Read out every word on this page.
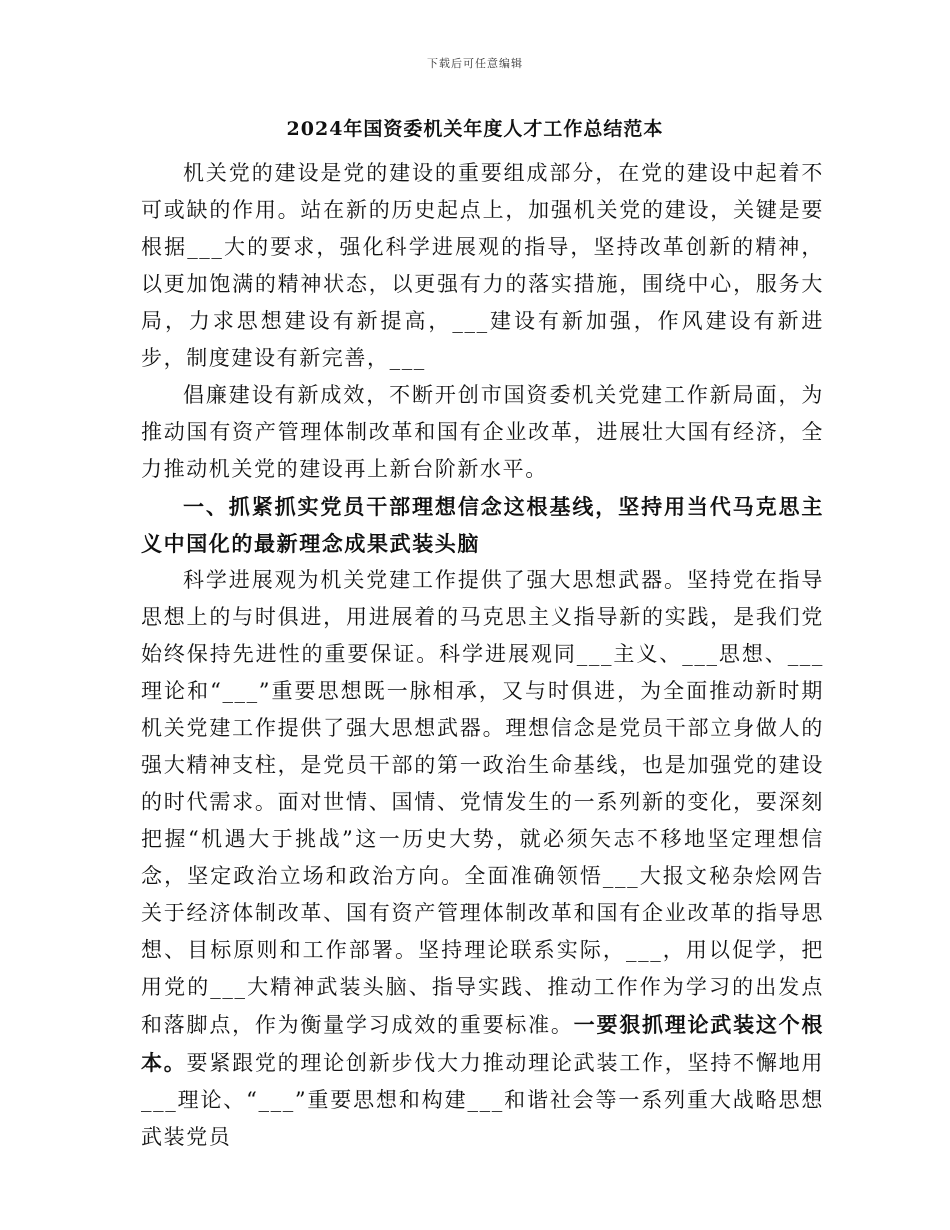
下载后可任意编辑
2024年国资委机关年度人才工作总结范本

机关党的建设是党的建设的重要组成部分，在党的建设中起着不可或缺的作用。站在新的历史起点上，加强机关党的建设，关键是要根据___大的要求，强化科学进展观的指导，坚持改革创新的精神，以更加饱满的精神状态，以更强有力的落实措施，围绕中心，服务大局，力求思想建设有新提高，___建设有新加强，作风建设有新进步，制度建设有新完善，___

倡廉建设有新成效，不断开创市国资委机关党建工作新局面，为推动国有资产管理体制改革和国有企业改革，进展壮大国有经济，全力推动机关党的建设再上新台阶新水平。

一、抓紧抓实党员干部理想信念这根基线，坚持用当代马克思主义中国化的最新理念成果武装头脑

科学进展观为机关党建工作提供了强大思想武器。坚持党在指导思想上的与时俱进，用进展着的马克思主义指导新的实践，是我们党始终保持先进性的重要保证。科学进展观同___主义、___思想、___理论和“___”重要思想既一脉相承，又与时俱进，为全面推动新时期机关党建工作提供了强大思想武器。理想信念是党员干部立身做人的强大精神支柱，是党员干部的第一政治生命基线，也是加强党的建设的时代需求。面对世情、国情、党情发生的一系列新的变化，要深刻把握“机遇大于挑战”这一历史大势，就必须矢志不移地坚定理想信念，坚定政治立场和政治方向。全面准确领悟___大报文秘杂烩网告关于经济体制改革、国有资产管理体制改革和国有企业改革的指导思想、目标原则和工作部署。坚持理论联系实际，___，用以促学，把用党的___大精神武装头脑、指导实践、推动工作作为学习的出发点和落脚点，作为衡量学习成效的重要标准。一要狠抓理论武装这个根本。要紧跟党的理论创新步伐大力推动理论武装工作，坚持不懈地用___理论、“___”重要思想和构建___和谐社会等一系列重大战略思想武装党员
